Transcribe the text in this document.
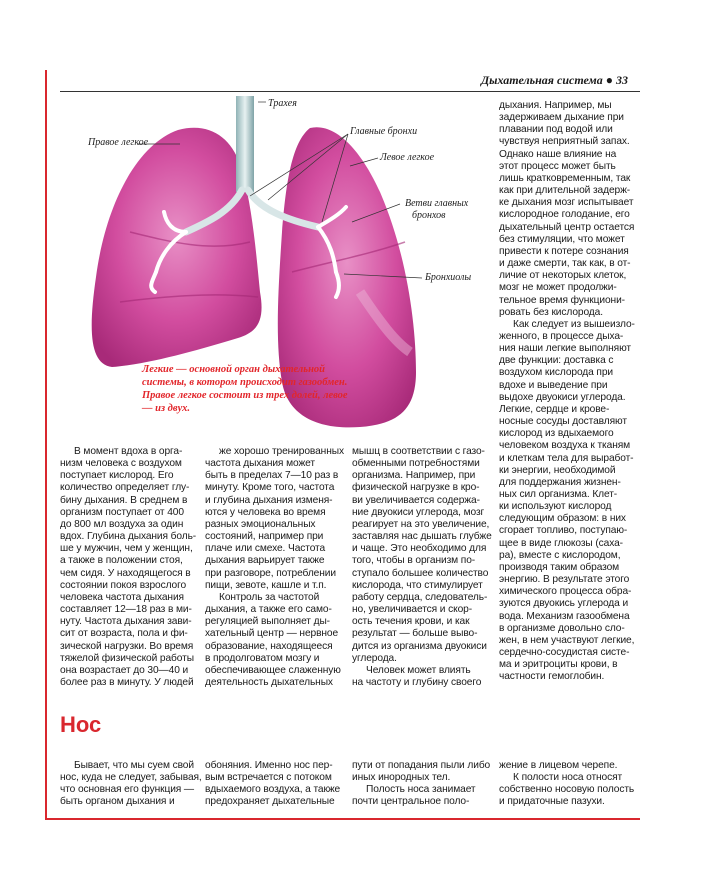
Дыхательная система ● 33
Трахея
Правое легкое
Главные бронхи
Левое легкое
Ветви главных
бронхов
Бронхиолы
Легкие — основной орган дыхательной системы, в котором происходит газообмен. Правое легкое состоит из трех долей, левое — из двух.
дыхания. Например, мы
задерживаем дыхание при
плавании под водой или
чувствуя неприятный запах.
Однако наше влияние на
этот процесс может быть
лишь кратковременным, так
как при длительной задерж-
ке дыхания мозг испытывает
кислородное голодание, его
дыхательный центр остается
без стимуляции, что может
привести к потере сознания
и даже смерти, так как, в от-
личие от некоторых клеток,
мозг не может продолжи-
тельное время функциони-
ровать без кислорода.
Как следует из вышеизло-
женного, в процессе дыха-
ния наши легкие выполняют
две функции: доставка с
воздухом кислорода при
вдохе и выведение при
выдохе двуокиси углерода.
Легкие, сердце и крове-
носные сосуды доставляют
кислород из вдыхаемого
человеком воздуха к тканям
и клеткам тела для выработ-
ки энергии, необходимой
для поддержания жизнен-
ных сил организма. Клет-
ки используют кислород
следующим образом: в них
сгорает топливо, поступаю-
щее в виде глюкозы (саха-
ра), вместе с кислородом,
производя таким образом
энергию. В результате этого
химического процесса обра-
зуются двуокись углерода и
вода. Механизм газообмена
в организме довольно сло-
жен, в нем участвуют легкие,
сердечно-сосудистая систе-
ма и эритроциты крови, в
частности гемоглобин.
В момент вдоха в орга-
низм человека с воздухом
поступает кислород. Его
количество определяет глу-
бину дыхания. В среднем в
организм поступает от 400
до 800 мл воздуха за один
вдох. Глубина дыхания боль-
ше у мужчин, чем у женщин,
а также в положении стоя,
чем сидя. У находящегося в
состоянии покоя взрослого
человека частота дыхания
составляет 12—18 раз в ми-
нуту. Частота дыхания зави-
сит от возраста, пола и фи-
зической нагрузки. Во время
тяжелой физической работы
она возрастает до 30—40 и
более раз в минуту. У людей
же хорошо тренированных
частота дыхания может
быть в пределах 7—10 раз в
минуту. Кроме того, частота
и глубина дыхания изменя-
ются у человека во время
разных эмоциональных
состояний, например при
плаче или смехе. Частота
дыхания варьирует также
при разговоре, потреблении
пищи, зевоте, кашле и т.п.
Контроль за частотой
дыхания, а также его само-
регуляцией выполняет ды-
хательный центр — нервное
образование, находящееся
в продолговатом мозгу и
обеспечивающее слаженную
деятельность дыхательных
мышц в соответствии с газо-
обменными потребностями
организма. Например, при
физической нагрузке в кро-
ви увеличивается содержа-
ние двуокиси углерода, мозг
реагирует на это увеличение,
заставляя нас дышать глубже
и чаще. Это необходимо для
того, чтобы в организм по-
ступало большее количество
кислорода, что стимулирует
работу сердца, следователь-
но, увеличивается и скор-
ость течения крови, и как
результат — больше выво-
дится из организма двуокиси
углерода.
Человек может влиять
на частоту и глубину своего
Нос
Бывает, что мы суем свой
нос, куда не следует, забывая,
что основная его функция —
быть органом дыхания и
обоняния. Именно нос пер-
вым встречается с потоком
вдыхаемого воздуха, а также
предохраняет дыхательные
пути от попадания пыли либо
иных инородных тел.
Полость носа занимает
почти центральное поло-
жение в лицевом черепе.
К полости носа относят
собственно носовую полость
и придаточные пазухи.
